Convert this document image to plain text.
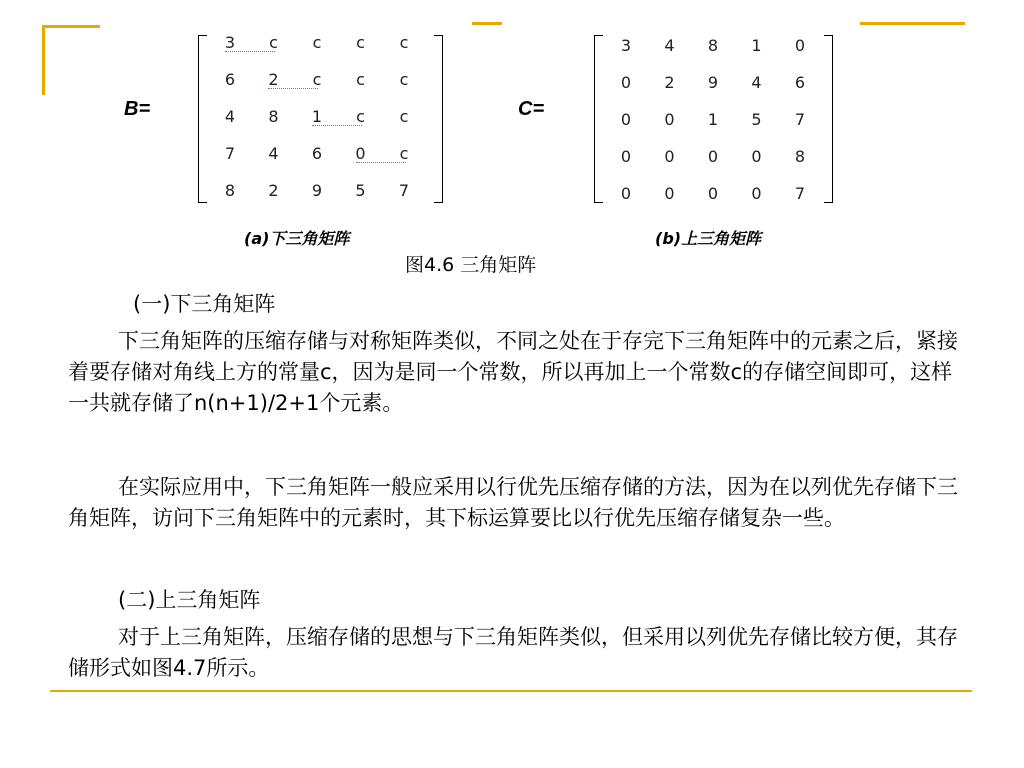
B=
3	c	c	c	c
6	2	c	c	c
4	8	1	c	c
7	4	6	0	c
8	2	9	5	7
(a)下三角矩阵
C=
3	4	8	1	0
0	2	9	4	6
0	0	1	5	7
0	0	0	0	8
0	0	0	0	7
(b)上三角矩阵
图4.6 三角矩阵
(一)下三角矩阵

下三角矩阵的压缩存储与对称矩阵类似，不同之处在于存完下三角矩阵中的元素之后，紧接着要存储对角线上方的常量c，因为是同一个常数，所以再加上一个常数c的存储空间即可，这样一共就存储了n(n+1)/2+1个元素。

在实际应用中，下三角矩阵一般应采用以行优先压缩存储的方法，因为在以列优先存储下三角矩阵，访问下三角矩阵中的元素时，其下标运算要比以行优先压缩存储复杂一些。

(二)上三角矩阵

对于上三角矩阵，压缩存储的思想与下三角矩阵类似，但采用以列优先存储比较方便，其存储形式如图4.7所示。
